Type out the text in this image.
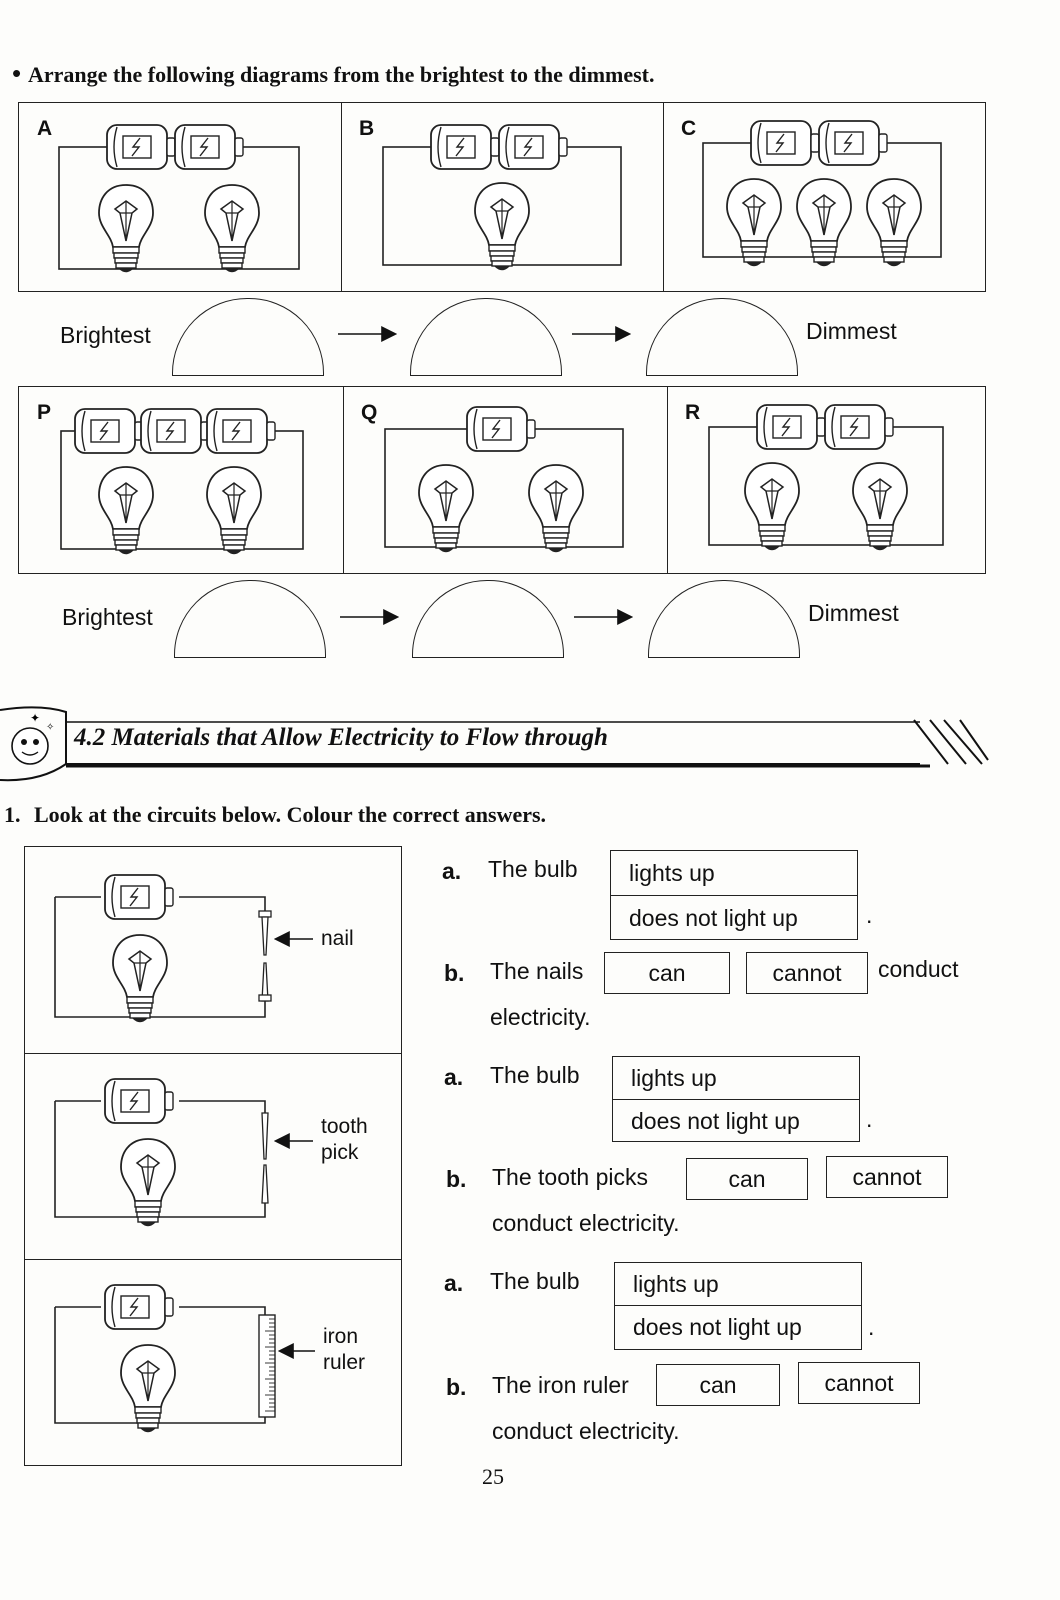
• Arrange the following diagrams from the brightest to the dimmest.
A	B	C
Brightest	Dimmest
P	Q	R
Brightest	Dimmest
✦
✧ 4.2 Materials that Allow Electricity to Flow through
1. Look at the circuits below. Colour the correct answers.
nail
tooth
pick
iron
ruler
a. The bulb	lights up
does not light up	.
b. The nails	can	cannot	conduct
electricity.
a. The bulb	lights up
does not light up	.
b. The tooth picks	can	cannot
conduct electricity.
a. The bulb	lights up
does not light up	.
b. The iron ruler	can	cannot
conduct electricity.
25
